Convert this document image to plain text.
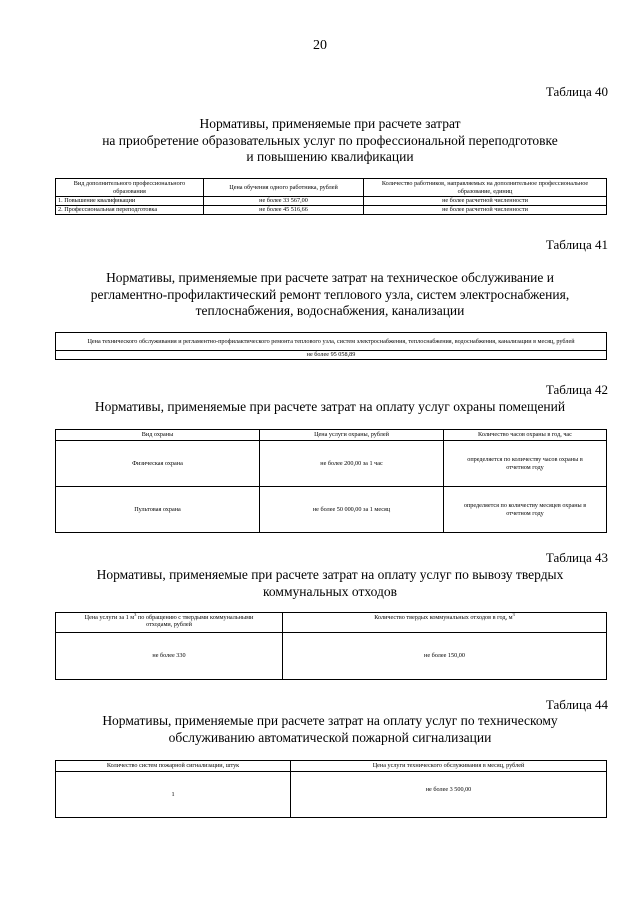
20
Таблица 40
Нормативы, применяемые при расчете затрат
на приобретение образовательных услуг по профессиональной переподготовке
и повышению квалификации
Вид дополнительного профессионального образования	Цена обучения одного работника, рублей	Количество работников, направляемых на дополнительное профессиональное образование, единиц
1. Повышение квалификации	не более 33 567,00	не более расчетной численности
2. Профессиональная переподготовка	не более 45 516,66	не более расчетной численности
Таблица 41
Нормативы, применяемые при расчете затрат на техническое обслуживание и
регламентно-профилактический ремонт теплового узла, систем электроснабжения,
теплоснабжения, водоснабжения, канализации
Цена технического обслуживания и регламентно-профилактического ремонта теплового узла, систем электроснабжения, теплоснабжения, водоснабжения, канализации в месяц, рублей
не более 95 058,89
Таблица 42
Нормативы, применяемые при расчете затрат на оплату услуг охраны помещений
Вид охраны	Цена услуги охраны, рублей	Количество часов охраны в год, час
Физическая охрана	не более 200,00 за 1 час	определяется по количеству часов охраны в отчетном году
Пультовая охрана	не более 50 000,00 за 1 месяц	определяется по количеству месяцев охраны в отчетном году
Таблица 43
Нормативы, применяемые при расчете затрат на оплату услуг по вывозу твердых
коммунальных отходов
Цена услуги за 1 $м^3$ по обращению с твердыми коммунальными отходами, рублей	Количество твердых коммунальных отходов в год, $м^3$
не более 330	не более 150,00
Таблица 44
Нормативы, применяемые при расчете затрат на оплату услуг по техническому
обслуживанию автоматической пожарной сигнализации
Количество систем пожарной сигнализации, штук	Цена услуги технического обслуживания в месяц, рублей
1	не более 3 500,00
